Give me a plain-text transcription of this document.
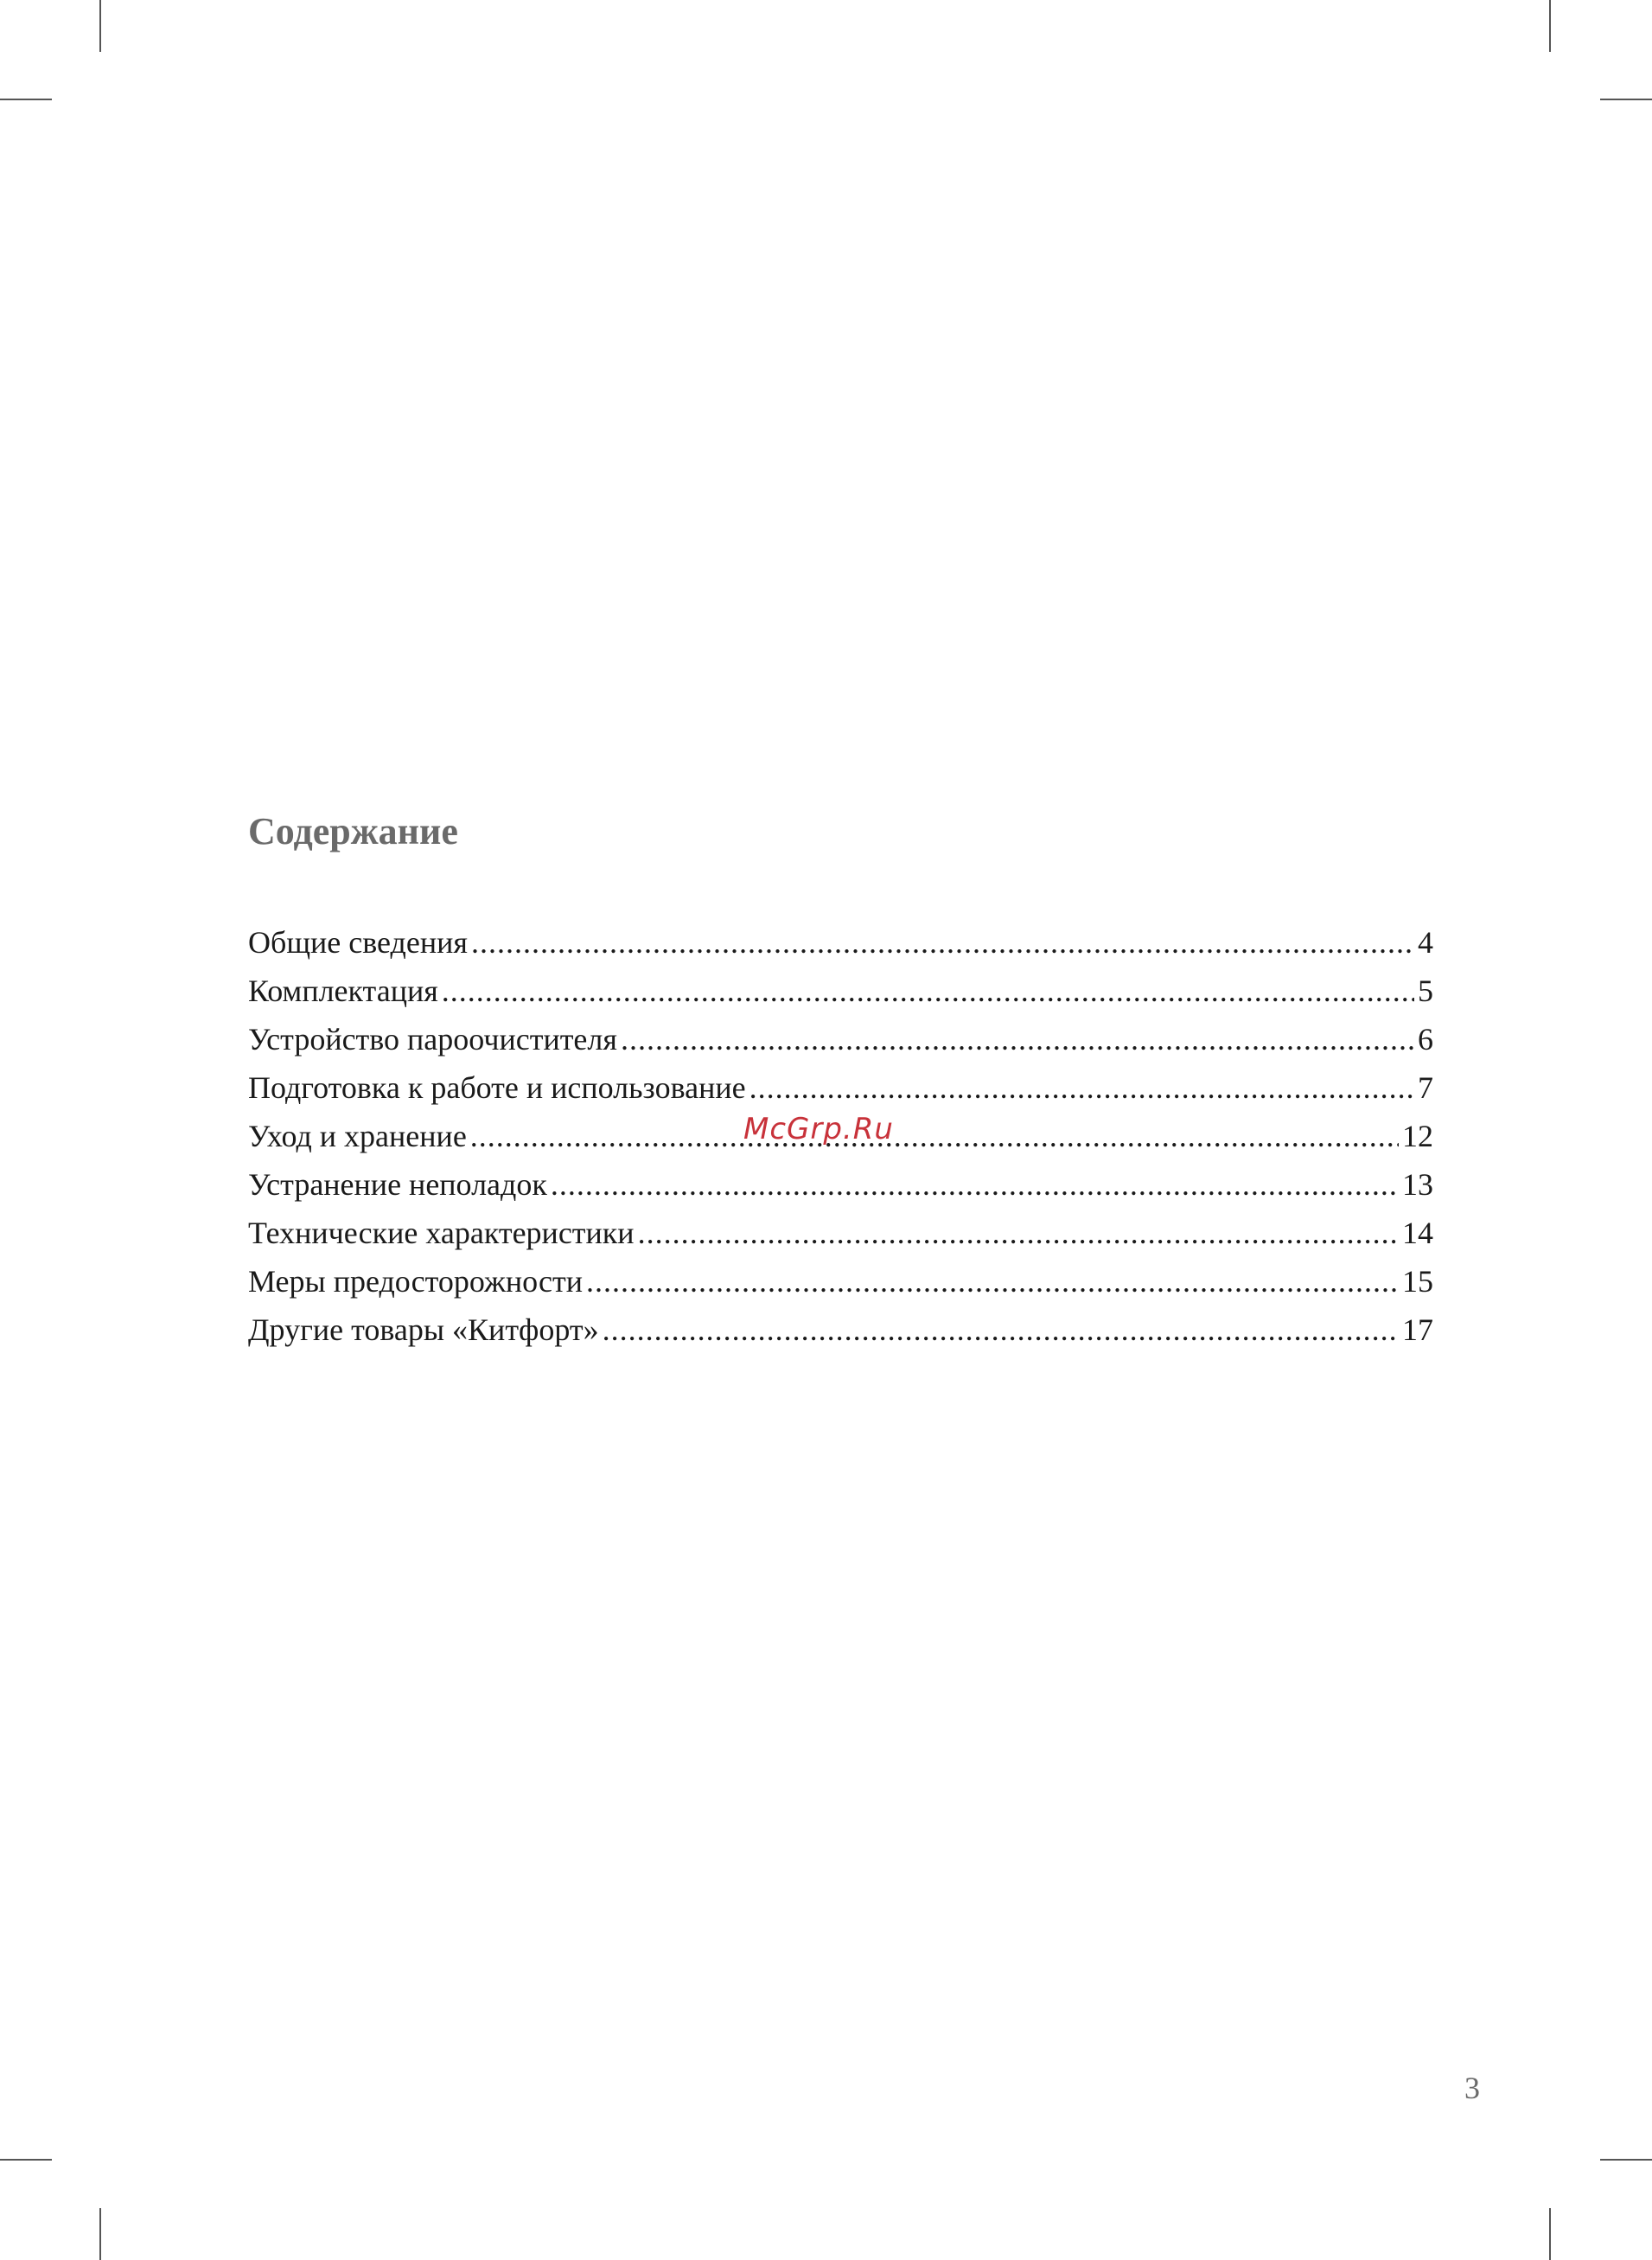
Содержание
Общие сведения .....	4
Комплектация .....	5
Устройство пароочистителя .....	6
Подготовка к работе и использование .....	7
Уход и хранение .....	12
Устранение неполадок .....	13
Технические характеристики .....	14
Меры предосторожности .....	15
Другие товары «Китфорт» .....	17
McGrp.Ru
3
